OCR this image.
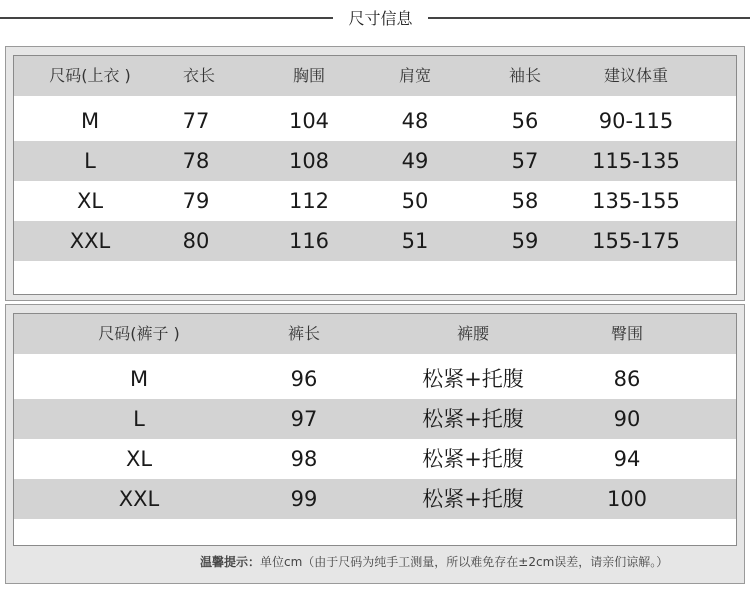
尺寸信息
尺码(上衣 )	衣长	胸围	肩宽	袖长	建议体重
M	77	104	48	56	90-115
L	78	108	49	57	115-135
XL	79	112	50	58	135-155
XXL	80	116	51	59	155-175
尺码(裤子 )	裤长	裤腰	臀围
M	96	松紧+托腹	86
L	97	松紧+托腹	90
XL	98	松紧+托腹	94
XXL	99	松紧+托腹	100
温馨提示：单位cm（由于尺码为纯手工测量，所以难免存在±2cm误差，请亲们谅解。）
